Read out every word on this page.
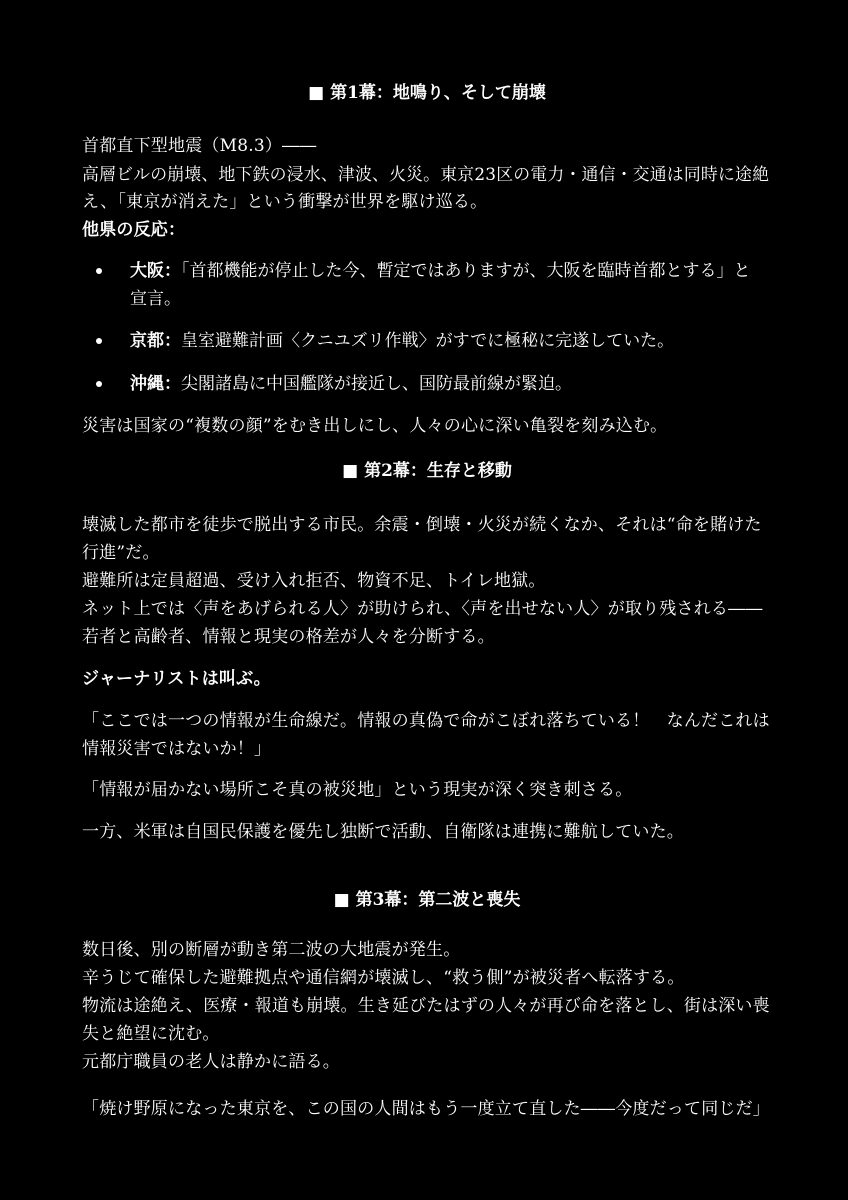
■ 第1幕：地鳴り、そして崩壊
首都直下型地震（M8.3）――
高層ビルの崩壊、地下鉄の浸水、津波、火災。東京23区の電力・通信・交通は同時に途絶
え、「東京が消えた」という衝撃が世界を駆け巡る。
他県の反応：
大阪：「首都機能が停止した今、暫定ではありますが、大阪を臨時首都とする」と
宣言。
京都：皇室避難計画〈クニユズリ作戦〉がすでに極秘に完遂していた。
沖縄：尖閣諸島に中国艦隊が接近し、国防最前線が緊迫。
災害は国家の“複数の顔”をむき出しにし、人々の心に深い亀裂を刻み込む。
■ 第2幕：生存と移動
壊滅した都市を徒歩で脱出する市民。余震・倒壊・火災が続くなか、それは“命を賭けた
行進”だ。
避難所は定員超過、受け入れ拒否、物資不足、トイレ地獄。
ネット上では〈声をあげられる人〉が助けられ、〈声を出せない人〉が取り残される――
若者と高齢者、情報と現実の格差が人々を分断する。
ジャーナリストは叫ぶ。
「ここでは一つの情報が生命線だ。情報の真偽で命がこぼれ落ちている！　なんだこれは
情報災害ではないか！」
「情報が届かない場所こそ真の被災地」という現実が深く突き刺さる。
一方、米軍は自国民保護を優先し独断で活動、自衛隊は連携に難航していた。
■ 第3幕：第二波と喪失
数日後、別の断層が動き第二波の大地震が発生。
辛うじて確保した避難拠点や通信網が壊滅し、“救う側”が被災者へ転落する。
物流は途絶え、医療・報道も崩壊。生き延びたはずの人々が再び命を落とし、街は深い喪
失と絶望に沈む。
元都庁職員の老人は静かに語る。
「焼け野原になった東京を、この国の人間はもう一度立て直した――今度だって同じだ」
